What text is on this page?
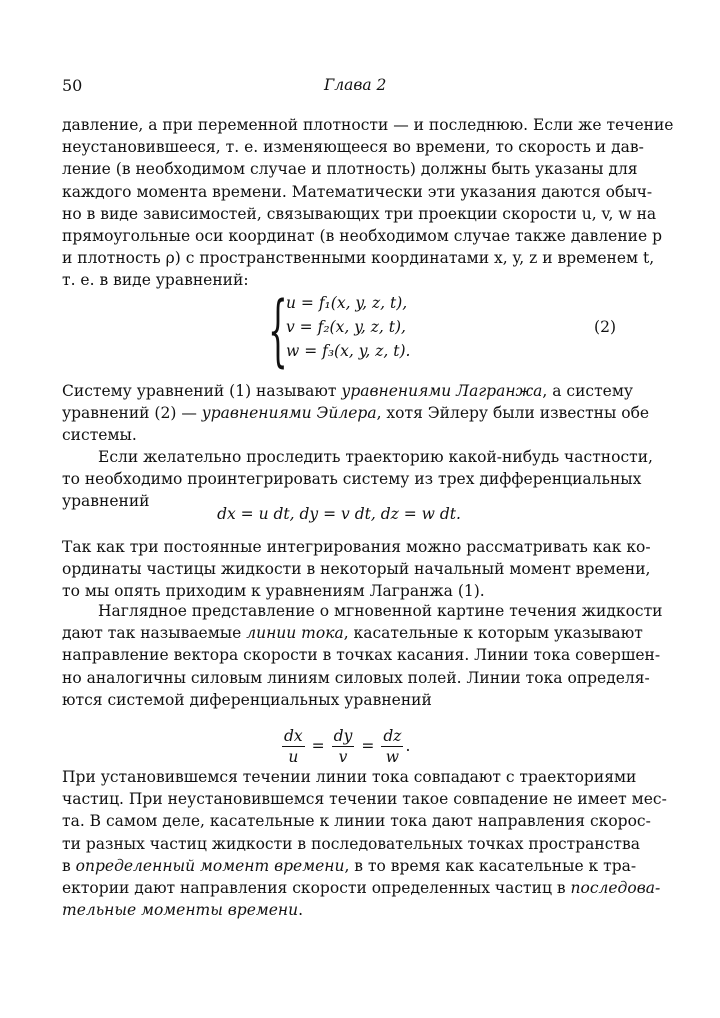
50	Глава 2
давление, а при переменной плотности — и последнюю. Если же течение
неустановившееся, т. е. изменяющееся во времени, то скорость и дав-
ление (в необходимом случае и плотность) должны быть указаны для
каждого момента времени. Математически эти указания даются обыч-
но в виде зависимостей, связывающих три проекции скорости u, v, w на
прямоугольные оси координат (в необходимом случае также давление p
и плотность ρ) с пространственными координатами x, y, z и временем t,
т. е. в виде уравнений:
{
u = f₁(x, y, z, t),
v = f₂(x, y, z, t),
w = f₃(x, y, z, t).
(2)
Систему уравнений (1) называют уравнениями Лагранжа, а систему
уравнений (2) — уравнениями Эйлера, хотя Эйлеру были известны обе
системы.
Если желательно проследить траекторию какой-нибудь частности,
то необходимо проинтегрировать систему из трех дифференциальных
уравнений
dx = u dt, dy = v dt, dz = w dt.
Так как три постоянные интегрирования можно рассматривать как ко-
ординаты частицы жидкости в некоторый начальный момент времени,
то мы опять приходим к уравнениям Лагранжа (1).
Наглядное представление о мгновенной картине течения жидкости
дают так называемые линии тока, касательные к которым указывают
направление вектора скорости в точках касания. Линии тока совершен-
но аналогичны силовым линиям силовых полей. Линии тока определя-
ются системой диференциальных уравнений
$\frac{dx}{u} = \frac{dy}{v} = \frac{dz}{w}$ .
При установившемся течении линии тока совпадают с траекториями
частиц. При неустановившемся течении такое совпадение не имеет мес-
та. В самом деле, касательные к линии тока дают направления скорос-
ти разных частиц жидкости в последовательных точках пространства
в определенный момент времени, в то время как касательные к тра-
ектории дают направления скорости определенных частиц в последова-
тельные моменты времени.
